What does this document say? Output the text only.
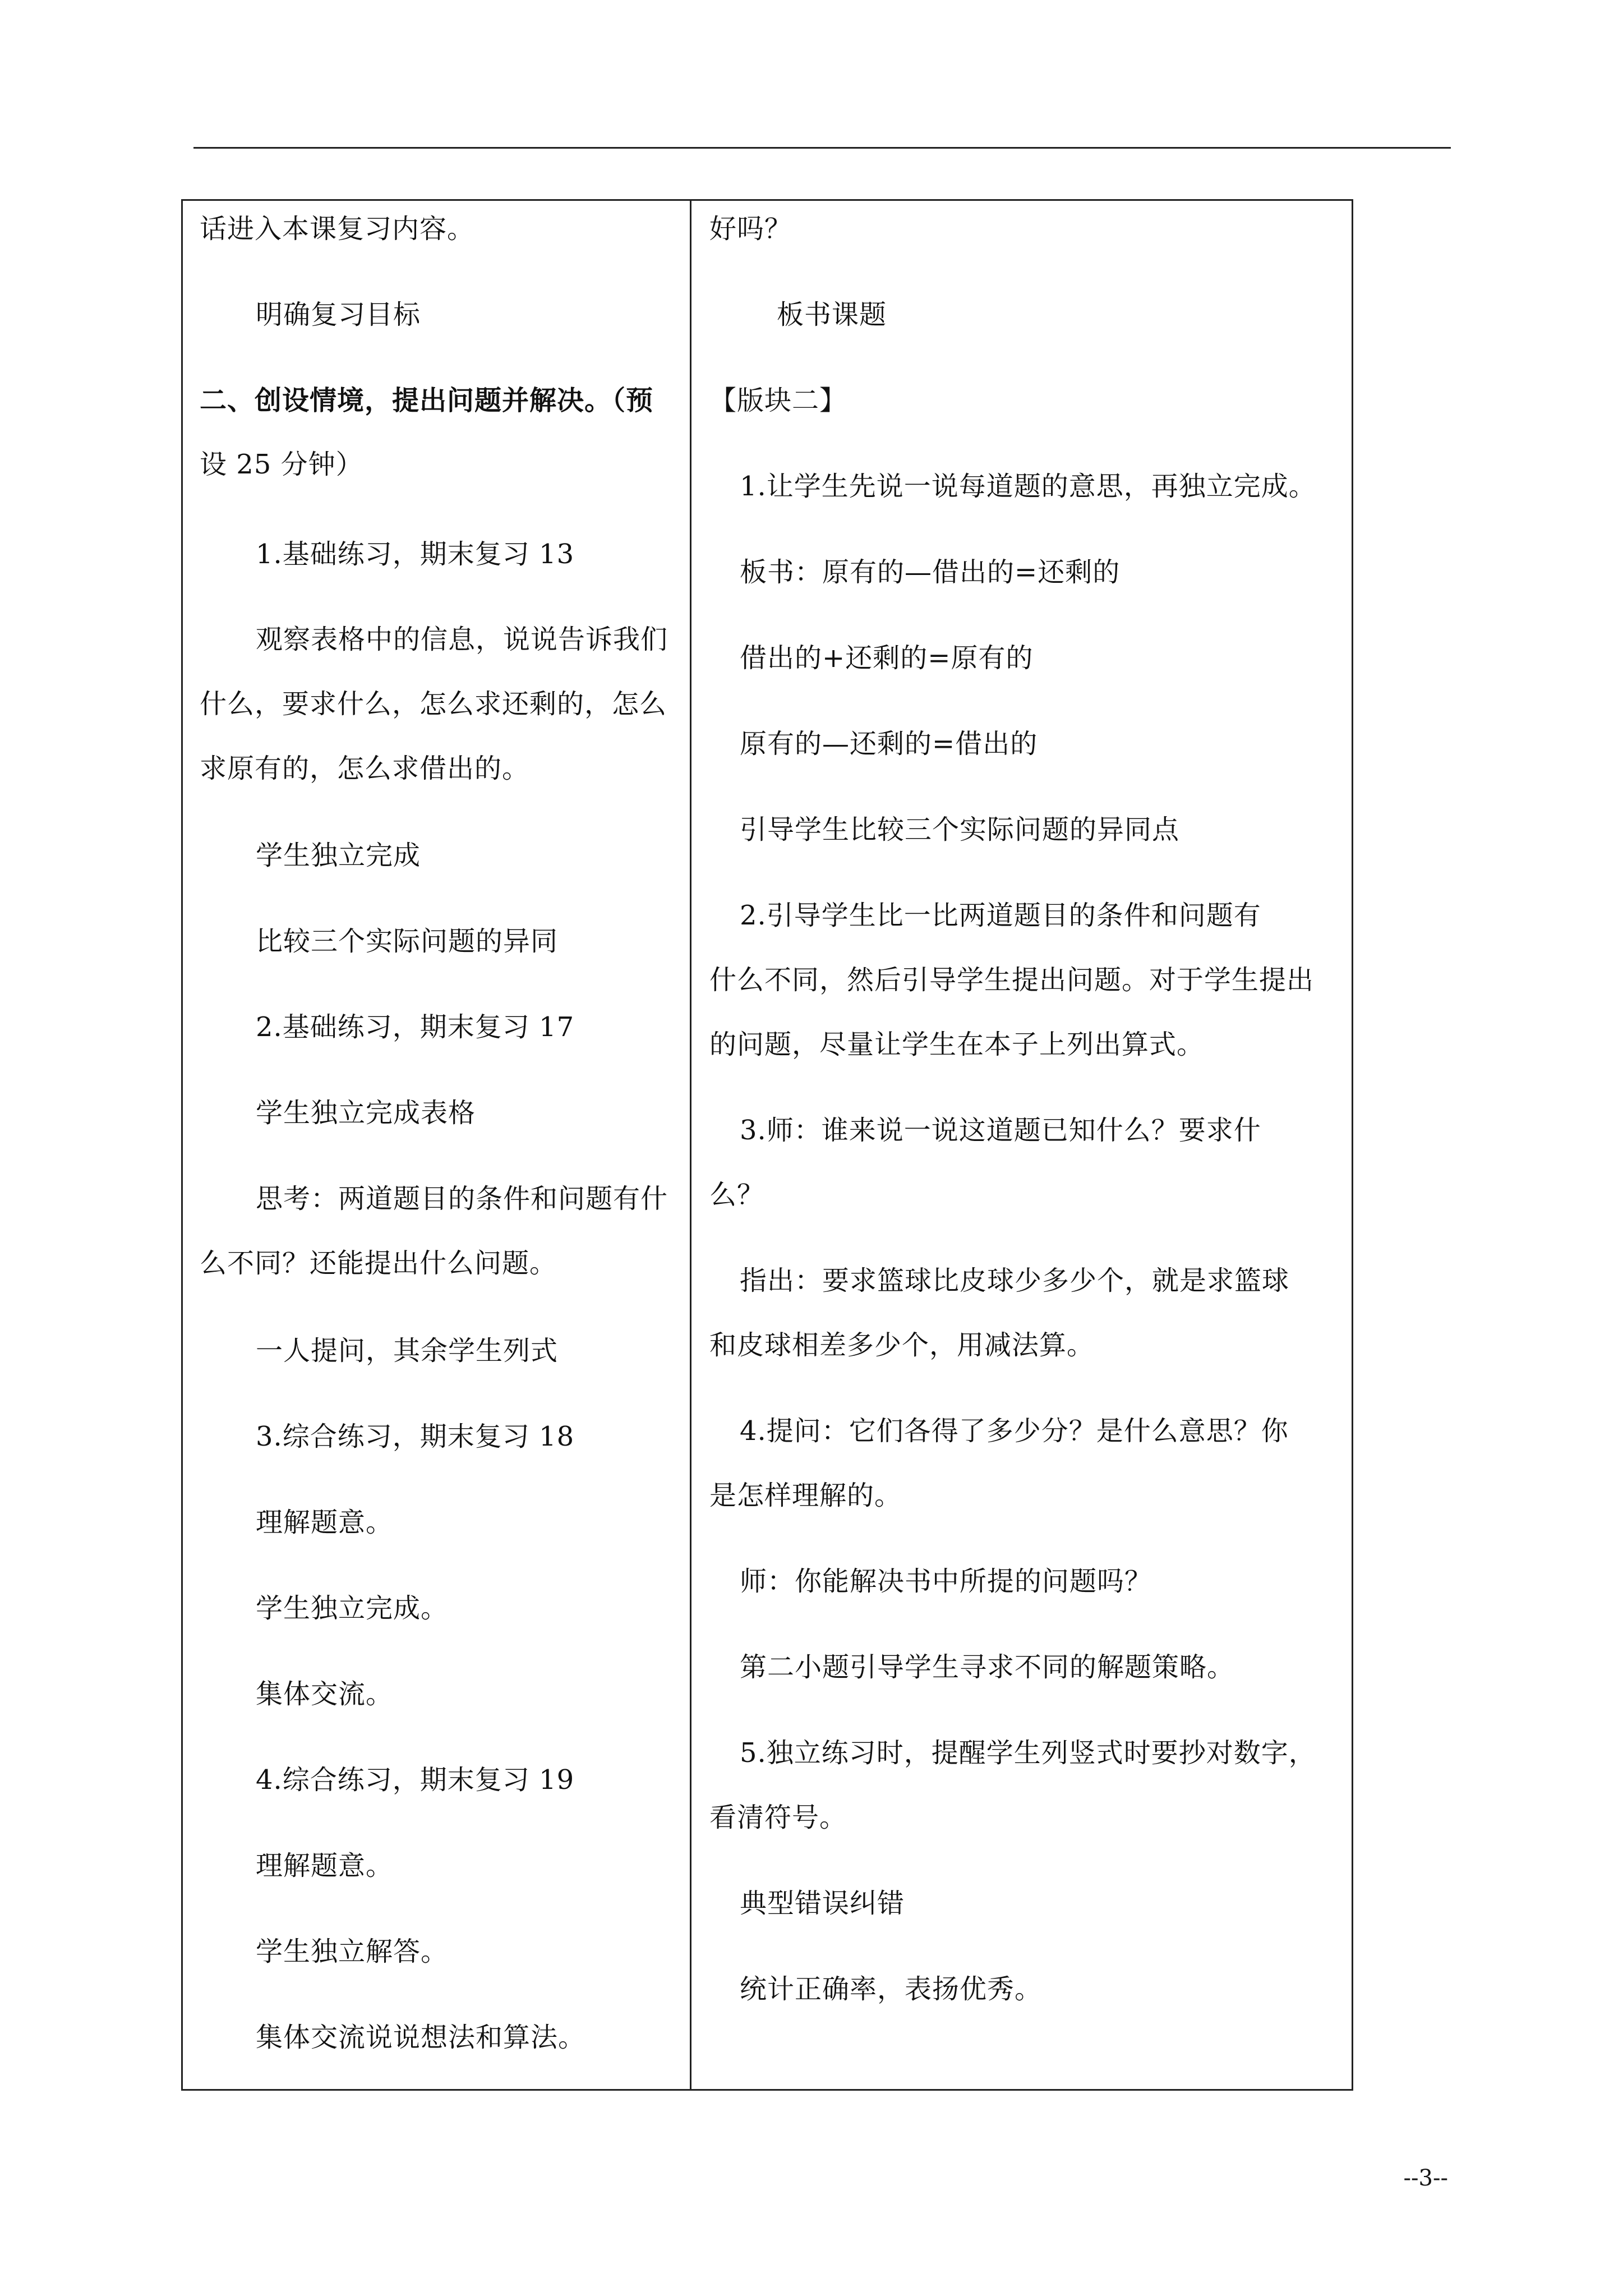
话进入本课复习内容。
明确复习目标
二、创设情境，提出问题并解决。（预
设 25 分钟）
1.基础练习，期末复习 13
观察表格中的信息，说说告诉我们
什么，要求什么，怎么求还剩的，怎么
求原有的，怎么求借出的。
学生独立完成
比较三个实际问题的异同
2.基础练习，期末复习 17
学生独立完成表格
思考：两道题目的条件和问题有什
么不同？还能提出什么问题。
一人提问，其余学生列式
3.综合练习，期末复习 18
理解题意。
学生独立完成。
集体交流。
4.综合练习，期末复习 19
理解题意。
学生独立解答。
集体交流说说想法和算法。
好吗？
板书课题
【版块二】
1.让学生先说一说每道题的意思，再独立完成。
板书：原有的—借出的=还剩的
借出的+还剩的=原有的
原有的—还剩的=借出的
引导学生比较三个实际问题的异同点
2.引导学生比一比两道题目的条件和问题有
什么不同，然后引导学生提出问题。对于学生提出
的问题，尽量让学生在本子上列出算式。
3.师：谁来说一说这道题已知什么？要求什
么？
指出：要求篮球比皮球少多少个，就是求篮球
和皮球相差多少个，用减法算。
4.提问：它们各得了多少分？是什么意思？你
是怎样理解的。
师：你能解决书中所提的问题吗？
第二小题引导学生寻求不同的解题策略。
5.独立练习时，提醒学生列竖式时要抄对数字，
看清符号。
典型错误纠错
统计正确率，表扬优秀。
--3--
